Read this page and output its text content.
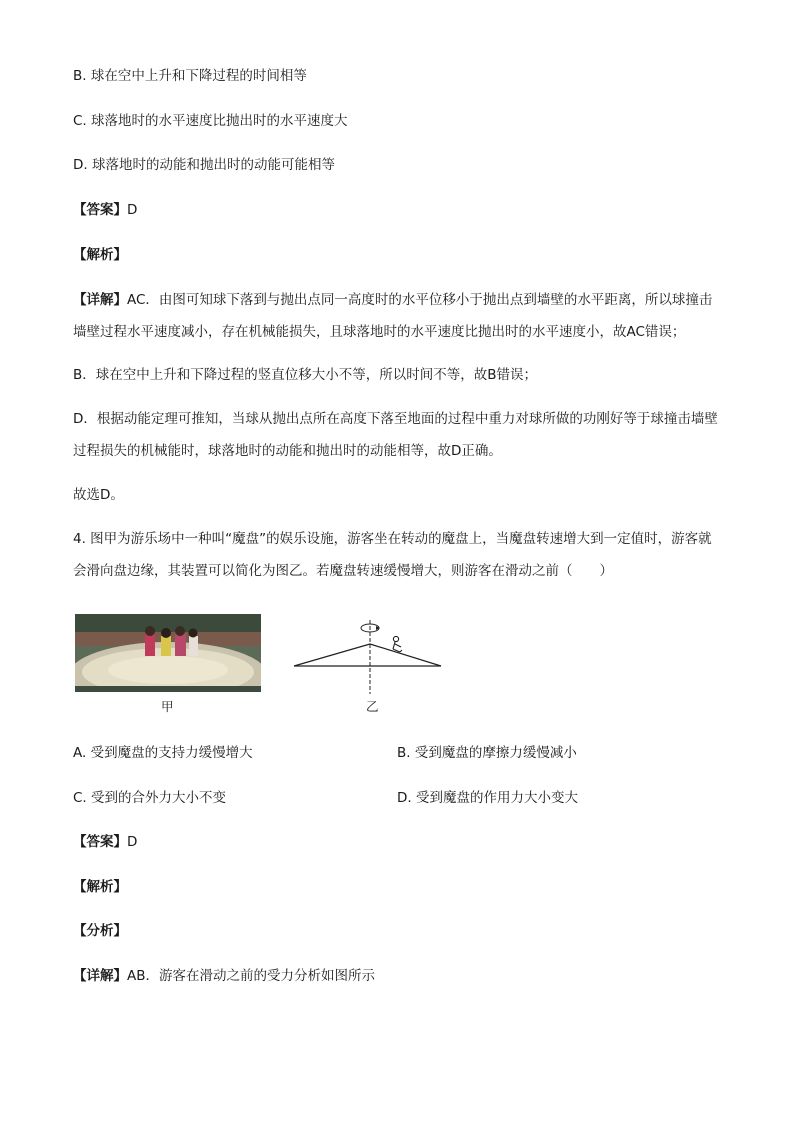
B. 球在空中上升和下降过程的时间相等
C. 球落地时的水平速度比抛出时的水平速度大
D. 球落地时的动能和抛出时的动能可能相等
【答案】D
【解析】
【详解】AC．由图可知球下落到与抛出点同一高度时的水平位移小于抛出点到墙壁的水平距离，所以球撞击墙壁过程水平速度减小，存在机械能损失，且球落地时的水平速度比抛出时的水平速度小，故AC错误；
B．球在空中上升和下降过程的竖直位移大小不等，所以时间不等，故B错误；
D．根据动能定理可推知，当球从抛出点所在高度下落至地面的过程中重力对球所做的功刚好等于球撞击墙壁过程损失的机械能时，球落地时的动能和抛出时的动能相等，故D正确。
故选D。
4. 图甲为游乐场中一种叫“魔盘”的娱乐设施，游客坐在转动的魔盘上，当魔盘转速增大到一定值时，游客就会滑向盘边缘，其装置可以简化为图乙。若魔盘转速缓慢增大，则游客在滑动之前（　　）
甲	乙
A. 受到魔盘的支持力缓慢增大	B. 受到魔盘的摩擦力缓慢减小
C. 受到的合外力大小不变	D. 受到魔盘的作用力大小变大
【答案】D
【解析】
【分析】
【详解】AB．游客在滑动之前的受力分析如图所示
